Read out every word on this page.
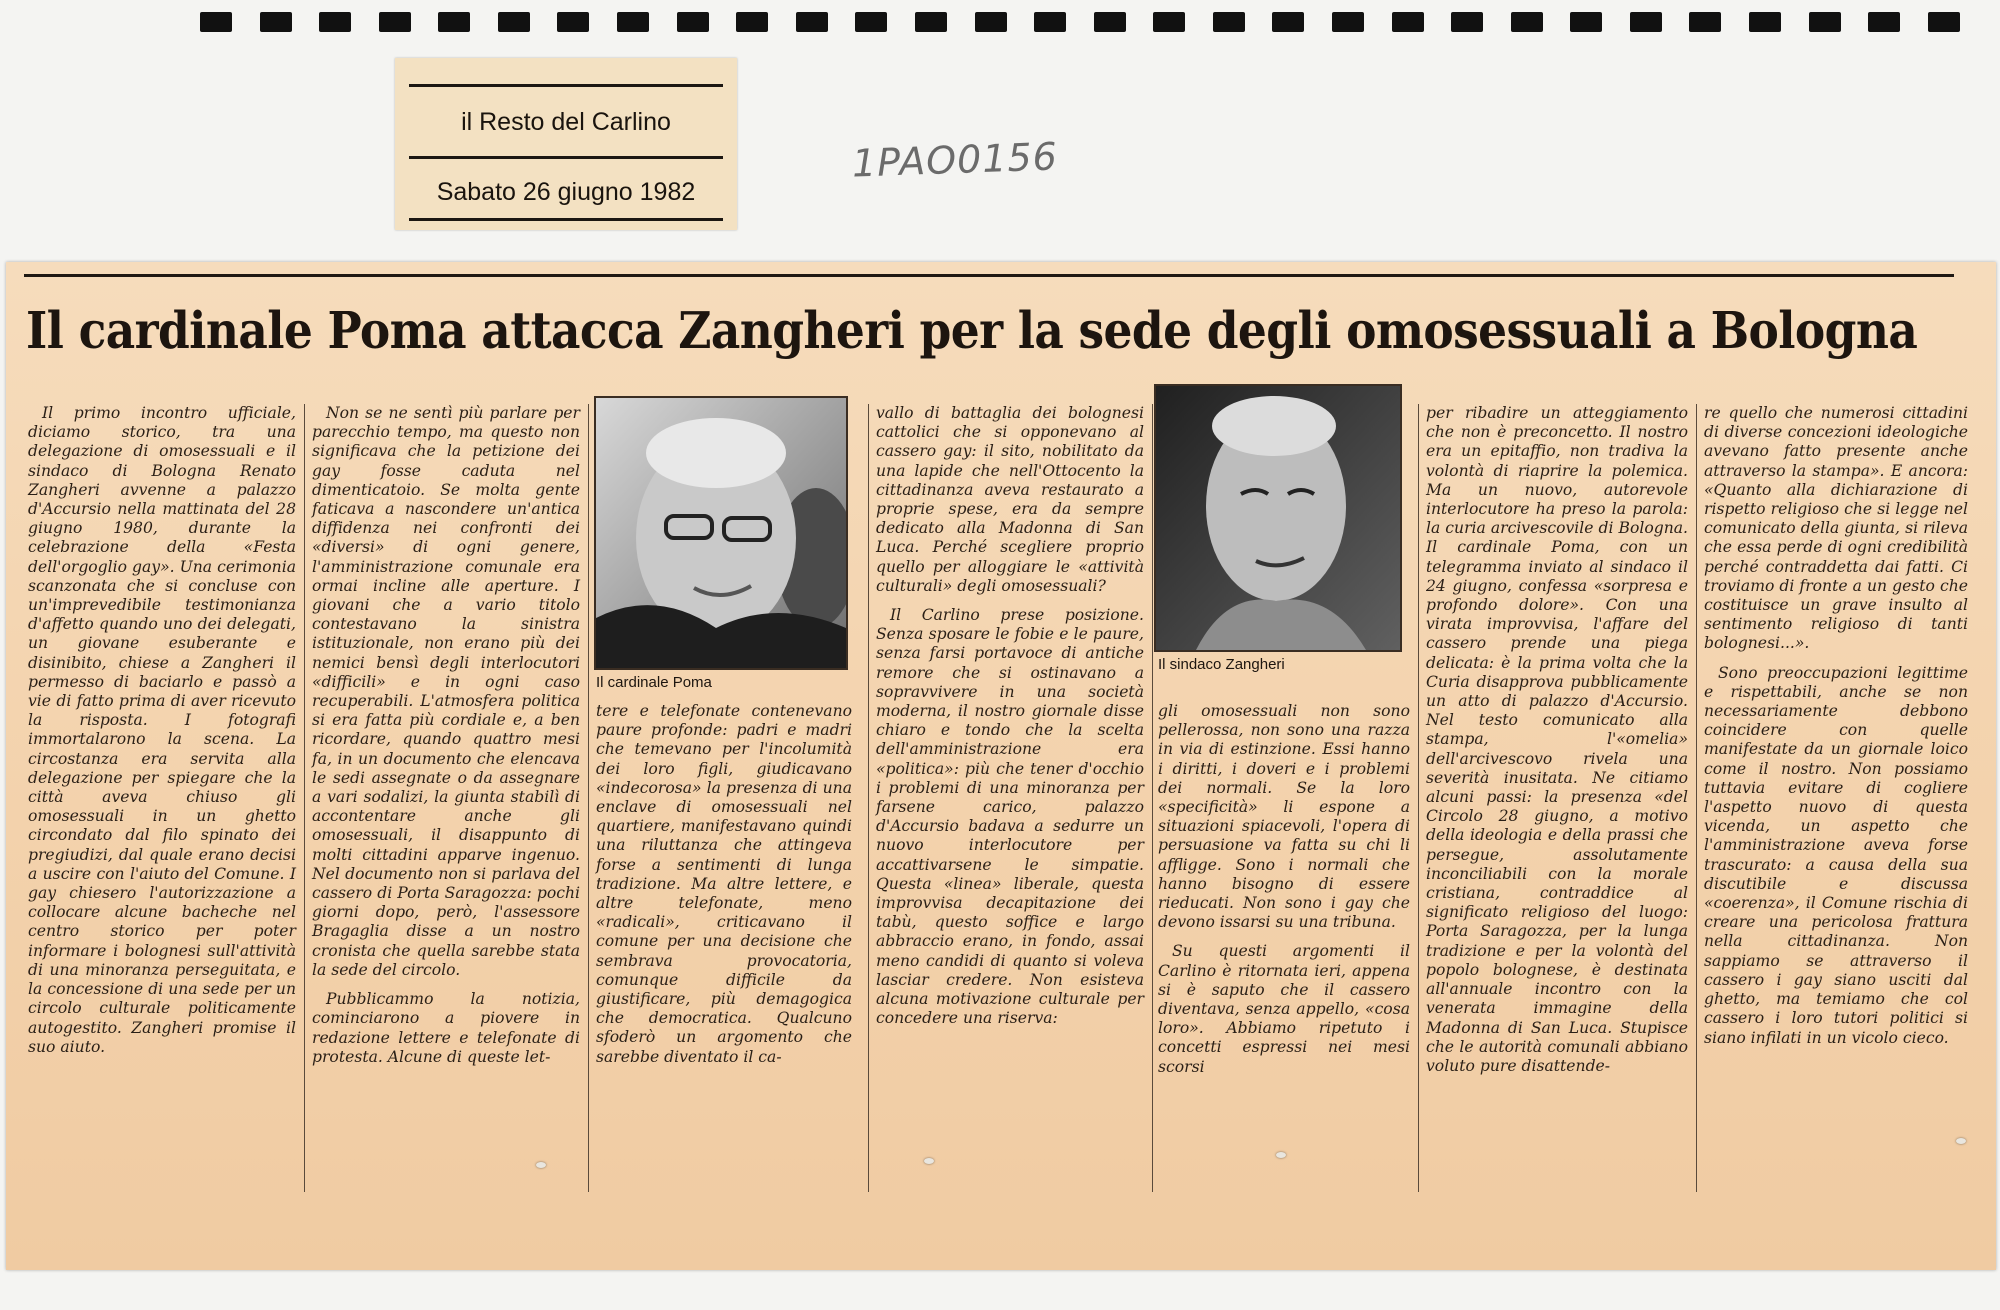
il Resto del Carlino
Sabato 26 giugno 1982
1PAO0156
Il cardinale Poma attacca Zangheri per la sede degli omosessuali a Bologna

Il primo incontro ufficiale, diciamo storico, tra una delegazione di omosessuali e il sindaco di Bologna Renato Zangheri avvenne a palazzo d'Accursio nella mattinata del 28 giugno 1980, durante la celebrazione della «Festa dell'orgoglio gay». Una cerimonia scanzonata che si concluse con un'imprevedibile testimonianza d'affetto quando uno dei delegati, un giovane esuberante e disinibito, chiese a Zangheri il permesso di baciarlo e passò a vie di fatto prima di aver ricevuto la risposta. I fotografi immortalarono la scena. La circostanza era servita alla delegazione per spiegare che la città aveva chiuso gli omosessuali in un ghetto circondato dal filo spinato dei pregiudizi, dal quale erano decisi a uscire con l'aiuto del Comune. I gay chiesero l'autorizzazione a collocare alcune bacheche nel centro storico per poter informare i bolognesi sull'attività di una minoranza perseguitata, e la concessione di una sede per un circolo culturale politicamente autogestito. Zangheri promise il suo aiuto.

Non se ne sentì più parlare per parecchio tempo, ma questo non significava che la petizione dei gay fosse caduta nel dimenticatoio. Se molta gente faticava a nascondere un'antica diffidenza nei confronti dei «diversi» di ogni genere, l'amministrazione comunale era ormai incline alle aperture. I giovani che a vario titolo contestavano la sinistra istituzionale, non erano più dei nemici bensì degli interlocutori «difficili» e in ogni caso recuperabili. L'atmosfera politica si era fatta più cordiale e, a ben ricordare, quando quattro mesi fa, in un documento che elencava le sedi assegnate o da assegnare a vari sodalizi, la giunta stabilì di accontentare anche gli omosessuali, il disappunto di molti cittadini apparve ingenuo. Nel documento non si parlava del cassero di Porta Saragozza: pochi giorni dopo, però, l'assessore Bragaglia disse a un nostro cronista che quella sarebbe stata la sede del circolo.

Pubblicammo la notizia, cominciarono a piovere in redazione lettere e telefonate di protesta. Alcune di queste let-

Il cardinale Poma

tere e telefonate contenevano paure profonde: padri e madri che temevano per l'incolumità dei loro figli, giudicavano «indecorosa» la presenza di una enclave di omosessuali nel quartiere, manifestavano quindi una riluttanza che attingeva forse a sentimenti di lunga tradizione. Ma altre lettere, e altre telefonate, meno «radicali», criticavano il comune per una decisione che sembrava provocatoria, comunque difficile da giustificare, più demagogica che democratica. Qualcuno sfoderò un argomento che sarebbe diventato il ca-

vallo di battaglia dei bolognesi cattolici che si opponevano al cassero gay: il sito, nobilitato da una lapide che nell'Ottocento la cittadinanza aveva restaurato a proprie spese, era da sempre dedicato alla Madonna di San Luca. Perché scegliere proprio quello per alloggiare le «attività culturali» degli omosessuali?

Il Carlino prese posizione. Senza sposare le fobie e le paure, senza farsi portavoce di antiche remore che si ostinavano a sopravvivere in una società moderna, il nostro giornale disse chiaro e tondo che la scelta dell'amministrazione era «politica»: più che tener d'occhio i problemi di una minoranza per farsene carico, palazzo d'Accursio badava a sedurre un nuovo interlocutore per accattivarsene le simpatie. Questa «linea» liberale, questa improvvisa decapitazione dei tabù, questo soffice e largo abbraccio erano, in fondo, assai meno candidi di quanto si voleva lasciar credere. Non esisteva alcuna motivazione culturale per concedere una riserva:

Il sindaco Zangheri

gli omosessuali non sono pellerossa, non sono una razza in via di estinzione. Essi hanno i diritti, i doveri e i problemi dei normali. Se la loro «specificità» li espone a situazioni spiacevoli, l'opera di persuasione va fatta su chi li affligge. Sono i normali che hanno bisogno di essere rieducati. Non sono i gay che devono issarsi su una tribuna.

Su questi argomenti il Carlino è ritornata ieri, appena si è saputo che il cassero diventava, senza appello, «cosa loro». Abbiamo ripetuto i concetti espressi nei mesi scorsi

per ribadire un atteggiamento che non è preconcetto. Il nostro era un epitaffio, non tradiva la volontà di riaprire la polemica. Ma un nuovo, autorevole interlocutore ha preso la parola: la curia arcivescovile di Bologna. Il cardinale Poma, con un telegramma inviato al sindaco il 24 giugno, confessa «sorpresa e profondo dolore». Con una virata improvvisa, l'affare del cassero prende una piega delicata: è la prima volta che la Curia disapprova pubblicamente un atto di palazzo d'Accursio. Nel testo comunicato alla stampa, l'«omelia» dell'arcivescovo rivela una severità inusitata. Ne citiamo alcuni passi: la presenza «del Circolo 28 giugno, a motivo della ideologia e della prassi che persegue, assolutamente inconciliabili con la morale cristiana, contraddice al significato religioso del luogo: Porta Saragozza, per la lunga tradizione e per la volontà del popolo bolognese, è destinata all'annuale incontro con la venerata immagine della Madonna di San Luca. Stupisce che le autorità comunali abbiano voluto pure disattende-

re quello che numerosi cittadini di diverse concezioni ideologiche avevano fatto presente anche attraverso la stampa». E ancora: «Quanto alla dichiarazione di rispetto religioso che si legge nel comunicato della giunta, si rileva che essa perde di ogni credibilità perché contraddetta dai fatti. Ci troviamo di fronte a un gesto che costituisce un grave insulto al sentimento religioso di tanti bolognesi...».

Sono preoccupazioni legittime e rispettabili, anche se non necessariamente debbono coincidere con quelle manifestate da un giornale loico come il nostro. Non possiamo tuttavia evitare di cogliere l'aspetto nuovo di questa vicenda, un aspetto che l'amministrazione aveva forse trascurato: a causa della sua discutibile e discussa «coerenza», il Comune rischia di creare una pericolosa frattura nella cittadinanza. Non sappiamo se attraverso il cassero i gay siano usciti dal ghetto, ma temiamo che col cassero i loro tutori politici si siano infilati in un vicolo cieco.
